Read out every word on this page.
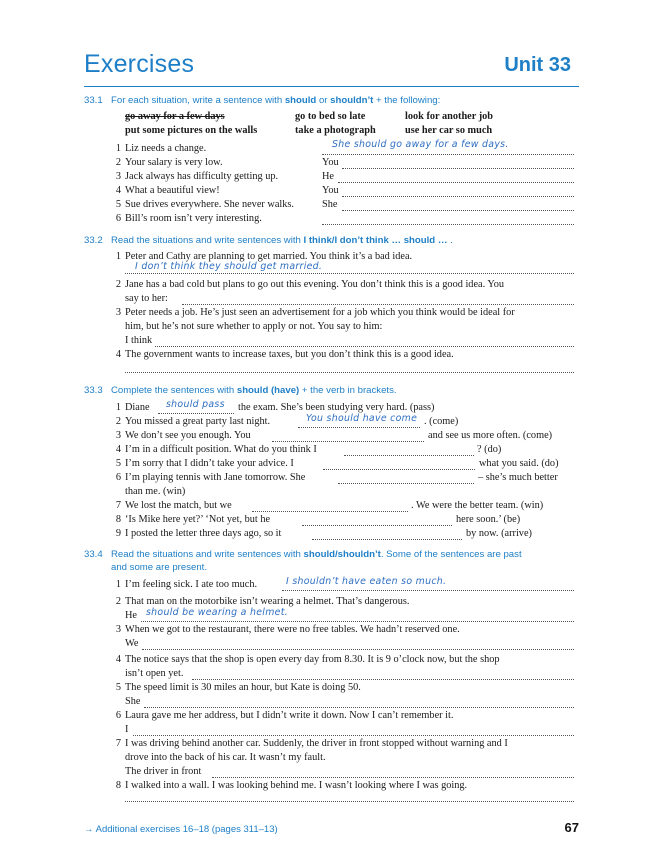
Exercises	Unit 33
33.1 For each situation, write a sentence with should or shouldn’t + the following:
go away for a few days	go to bed so late	look for another job
put some pictures on the walls	take a photograph	use her car so much
1 Liz needs a change.	She should go away for a few days.
2 Your salary is very low.	You
3 Jack always has difficulty getting up.	He
4 What a beautiful view!	You
5 Sue drives everywhere. She never walks.	She
6 Bill’s room isn’t very interesting.
33.2 Read the situations and write sentences with I think/I don’t think … should … .
1 Peter and Cathy are planning to get married. You think it’s a bad idea.
I don’t think they should get married.
2 Jane has a bad cold but plans to go out this evening. You don’t think this is a good idea. You
say to her:
3 Peter needs a job. He’s just seen an advertisement for a job which you think would be ideal for
him, but he’s not sure whether to apply or not. You say to him:
I think
4 The government wants to increase taxes, but you don’t think this is a good idea.
33.3 Complete the sentences with should (have) + the verb in brackets.
1 Diane should pass the exam. She’s been studying very hard. (pass)
2 You missed a great party last night.	You should have come . (come)
3 We don’t see you enough. You	and see us more often. (come)
4 I’m in a difficult position. What do you think I	? (do)
5 I’m sorry that I didn’t take your advice. I	what you said. (do)
6 I’m playing tennis with Jane tomorrow. She	– she’s much better
than me. (win)
7 We lost the match, but we	. We were the better team. (win)
8 ‘Is Mike here yet?’ ‘Not yet, but he	here soon.’ (be)
9 I posted the letter three days ago, so it	by now. (arrive)
33.4 Read the situations and write sentences with should/shouldn’t. Some of the sentences are past
and some are present.
1 I’m feeling sick. I ate too much.	I shouldn’t have eaten so much.
2 That man on the motorbike isn’t wearing a helmet. That’s dangerous.
He should be wearing a helmet.
3 When we got to the restaurant, there were no free tables. We hadn’t reserved one.
We
4 The notice says that the shop is open every day from 8.30. It is 9 o’clock now, but the shop
isn’t open yet.
5 The speed limit is 30 miles an hour, but Kate is doing 50.
She
6 Laura gave me her address, but I didn’t write it down. Now I can’t remember it.
I
7 I was driving behind another car. Suddenly, the driver in front stopped without warning and I
drove into the back of his car. It wasn’t my fault.
The driver in front
8 I walked into a wall. I was looking behind me. I wasn’t looking where I was going.
→ Additional exercises 16–18 (pages 311–13)	67
